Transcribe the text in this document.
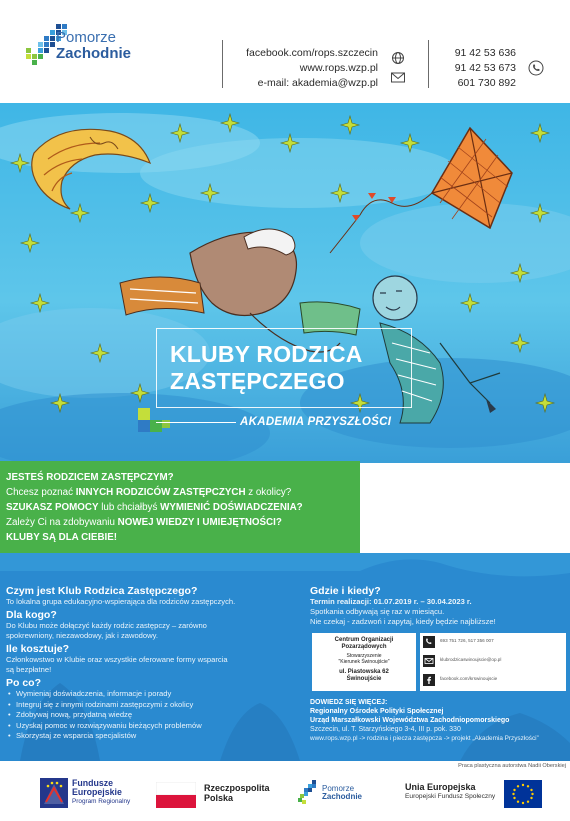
Pomorze
Zachodnie	facebook.com/rops.szczecin
www.rops.wzp.pl
e-mail: akademia@wzp.pl
91 42 53 636
91 42 53 673
601 730 892
KLUBY RODZICA
ZASTĘPCZEGO
AKADEMIA PRZYSZŁOŚCI
JESTEŚ RODZICEM ZASTĘPCZYM?
Chcesz poznać INNYCH RODZICÓW ZASTĘPCZYCH z okolicy?
SZUKASZ POMOCY lub chciałbyś WYMIENIĆ DOŚWIADCZENIA?
Zależy Ci na zdobywaniu NOWEJ WIEDZY I UMIEJĘTNOŚCI?
KLUBY SĄ DLA CIEBIE!
Czym jest Klub Rodzica Zastępczego?
To lokalna grupa edukacyjno-wspierająca dla rodziców zastępczych.
Dla kogo?
Do Klubu może dołączyć każdy rodzic zastępczy – zarówno
spokrewniony, niezawodowy, jak i zawodowy.
Ile kosztuje?
Członkowstwo w Klubie oraz wszystkie oferowane formy wsparcia
są bezpłatne!
Po co?
• Wymieniaj doświadczenia, informacje i porady
• Integruj się z innymi rodzinami zastępczymi z okolicy
• Zdobywaj nową, przydatną wiedzę
• Uzyskaj pomoc w rozwiązywaniu bieżących problemów
• Skorzystaj ze wsparcia specjalistów
Gdzie i kiedy?
Termin realizacji: 01.07.2019 r. – 30.04.2023 r.
Spotkania odbywają się raz w miesiącu.
Nie czekaj - zadzwoń i zapytaj, kiedy będzie najbliższe!
Centrum Organizacji
Pozarządowych
Stowarzyszenie
"Kierunek Świnoujście"
ul. Piastowska 62
Świnoujście
693 751 726, 517 356 007
klubrodzicaswinoujscie@op.pl
facebook.com/krswinoujscie
DOWIEDZ SIĘ WIĘCEJ:
Regionalny Ośrodek Polityki Społecznej
Urząd Marszałkowski Województwa Zachodniopomorskiego
Szczecin, ul. T. Starzyńskiego 3-4, III p. pok. 330
www.rops.wzp.pl -> rodzina i piecza zastępcza -> projekt „Akademia Przyszłości”
Praca plastyczna autorstwa Nadii Oberskiej
Fundusze
Europejskie
Program Regionalny
Rzeczpospolita
Polska
Pomorze
Zachodnie
Unia Europejska
Europejski Fundusz Społeczny
